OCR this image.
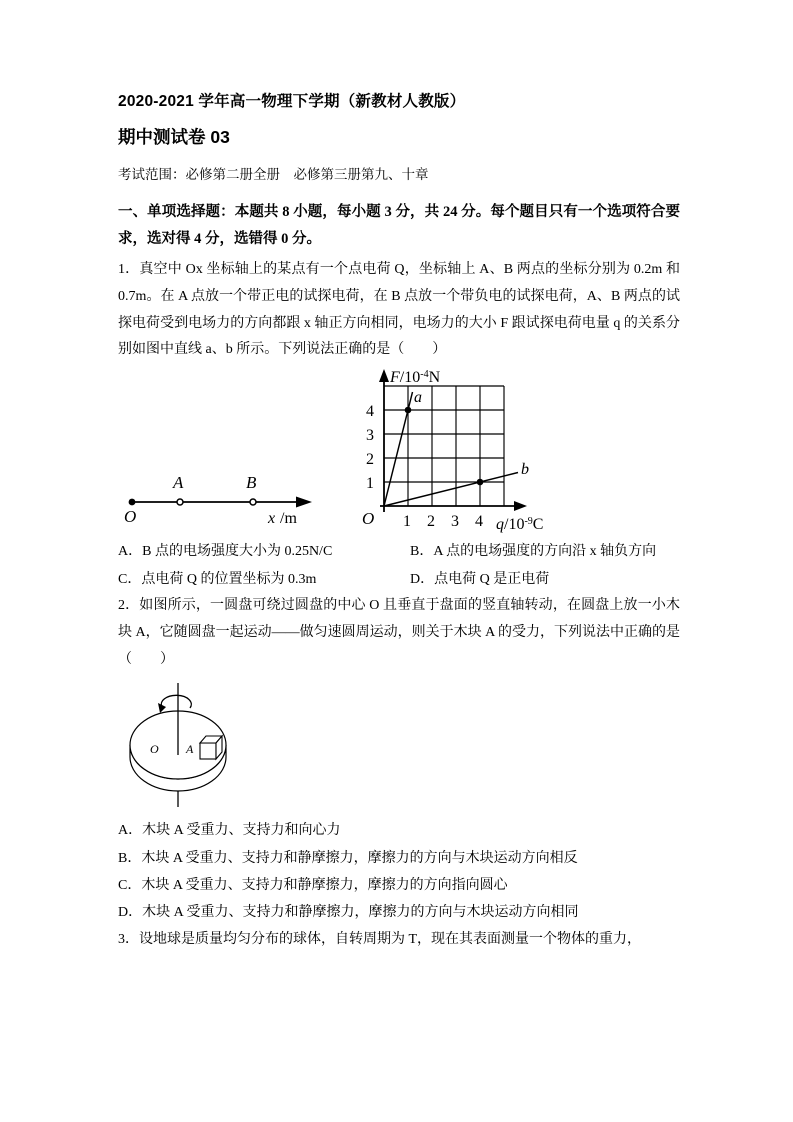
2020-2021 学年高一物理下学期（新教材人教版）
期中测试卷 03
考试范围：必修第二册全册　必修第三册第九、十章
一、单项选择题：本题共 8 小题，每小题 3 分，共 24 分。每个题目只有一个选项符合要求，选对得 4 分，选错得 0 分。
1．真空中 Ox 坐标轴上的某点有一个点电荷 Q，坐标轴上 A、B 两点的坐标分别为 0.2m 和 0.7m。在 A 点放一个带正电的试探电荷，在 B 点放一个带负电的试探电荷，A、B 两点的试探电荷受到电场力的方向都跟 x 轴正方向相同，电场力的大小 F 跟试探电荷电量 q 的关系分别如图中直线 a、b 所示。下列说法正确的是（　　）
A	B
O	x /m
a
b
4
3
2
1
O 1 2 3 4
$F/10^{-4}N$
$q/10^{-9}C$
A．B 点的电场强度大小为 0.25N/C	B．A 点的电场强度的方向沿 x 轴负方向
C．点电荷 Q 的位置坐标为 0.3m	D．点电荷 Q 是正电荷
2．如图所示，一圆盘可绕过圆盘的中心 O 且垂直于盘面的竖直轴转动，在圆盘上放一小木块 A，它随圆盘一起运动——做匀速圆周运动，则关于木块 A 的受力，下列说法中正确的是（　　）
O A
A．木块 A 受重力、支持力和向心力
B．木块 A 受重力、支持力和静摩擦力，摩擦力的方向与木块运动方向相反
C．木块 A 受重力、支持力和静摩擦力，摩擦力的方向指向圆心
D．木块 A 受重力、支持力和静摩擦力，摩擦力的方向与木块运动方向相同
3．设地球是质量均匀分布的球体，自转周期为 T，现在其表面测量一个物体的重力，
